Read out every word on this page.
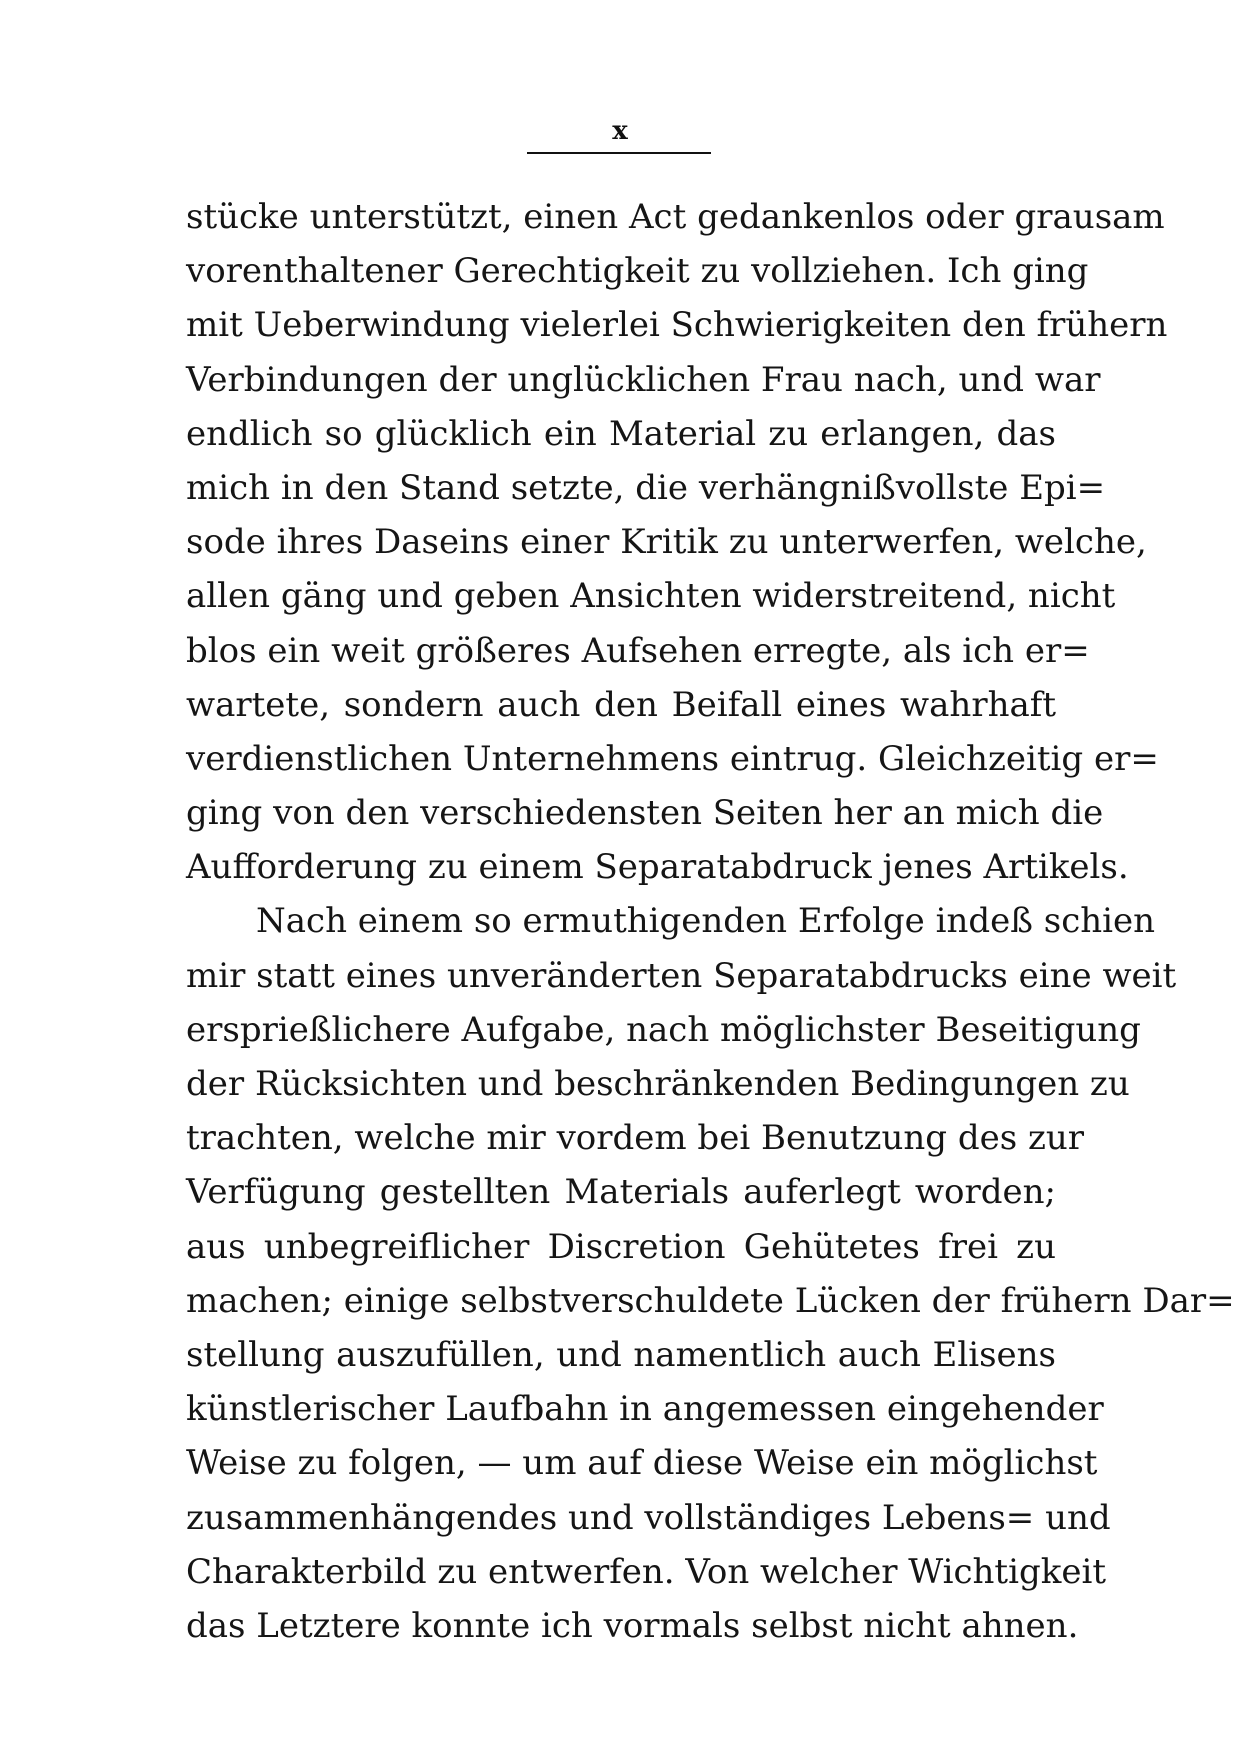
x
stücke unterstützt, einen Act gedankenlos oder grausam
vorenthaltener Gerechtigkeit zu vollziehen. Ich ging
mit Ueberwindung vielerlei Schwierigkeiten den frühern
Verbindungen der unglücklichen Frau nach, und war
endlich so glücklich ein Material zu erlangen, das
mich in den Stand setzte, die verhängnißvollste Epi=
sode ihres Daseins einer Kritik zu unterwerfen, welche,
allen gäng und geben Ansichten widerstreitend, nicht
blos ein weit größeres Aufsehen erregte, als ich er=
wartete, sondern auch den Beifall eines wahrhaft
verdienstlichen Unternehmens eintrug. Gleichzeitig er=
ging von den verschiedensten Seiten her an mich die
Aufforderung zu einem Separatabdruck jenes Artikels.
Nach einem so ermuthigenden Erfolge indeß schien
mir statt eines unveränderten Separatabdrucks eine weit
ersprießlichere Aufgabe, nach möglichster Beseitigung
der Rücksichten und beschränkenden Bedingungen zu
trachten, welche mir vordem bei Benutzung des zur
Verfügung gestellten Materials auferlegt worden;
aus unbegreiflicher Discretion Gehütetes frei zu
machen; einige selbstverschuldete Lücken der frühern Dar=
stellung auszufüllen, und namentlich auch Elisens
künstlerischer Laufbahn in angemessen eingehender
Weise zu folgen, — um auf diese Weise ein möglichst
zusammenhängendes und vollständiges Lebens= und
Charakterbild zu entwerfen. Von welcher Wichtigkeit
das Letztere konnte ich vormals selbst nicht ahnen.
